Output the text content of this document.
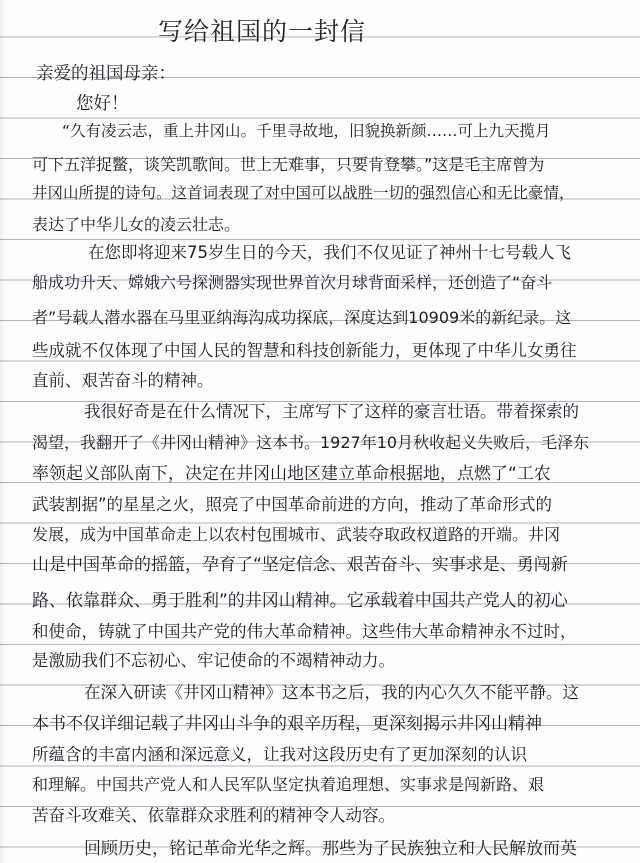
写给祖国的一封信
亲爱的祖国母亲：
您好！
“久有凌云志，重上井冈山。千里寻故地，旧貌换新颜……可上九天揽月
可下五洋捉鳖，谈笑凯歌间。世上无难事，只要肯登攀。”这是毛主席曾为
井冈山所提的诗句。这首词表现了对中国可以战胜一切的强烈信心和无比豪情，
表达了中华儿女的凌云壮志。
在您即将迎来75岁生日的今天，我们不仅见证了神州十七号载人飞
船成功升天、嫦娥六号探测器实现世界首次月球背面采样，还创造了“奋斗
者”号载人潜水器在马里亚纳海沟成功探底，深度达到10909米的新纪录。这
些成就不仅体现了中国人民的智慧和科技创新能力，更体现了中华儿女勇往
直前、艰苦奋斗的精神。
我很好奇是在什么情况下，主席写下了这样的豪言壮语。带着探索的
渴望，我翻开了《井冈山精神》这本书。1927年10月秋收起义失败后，毛泽东
率领起义部队南下，决定在井冈山地区建立革命根据地，点燃了“工农
武装割据”的星星之火，照亮了中国革命前进的方向，推动了革命形式的
发展，成为中国革命走上以农村包围城市、武装夺取政权道路的开端。井冈
山是中国革命的摇篮，孕育了“坚定信念、艰苦奋斗、实事求是、勇闯新
路、依靠群众、勇于胜利”的井冈山精神。它承载着中国共产党人的初心
和使命，铸就了中国共产党的伟大革命精神。这些伟大革命精神永不过时，
是激励我们不忘初心、牢记使命的不竭精神动力。
在深入研读《井冈山精神》这本书之后，我的内心久久不能平静。这
本书不仅详细记载了井冈山斗争的艰辛历程，更深刻揭示井冈山精神
所蕴含的丰富内涵和深远意义，让我对这段历史有了更加深刻的认识
和理解。中国共产党人和人民军队坚定执着追理想、实事求是闯新路、艰
苦奋斗攻难关、依靠群众求胜利的精神令人动容。
回顾历史，铭记革命光华之辉。那些为了民族独立和人民解放而英
